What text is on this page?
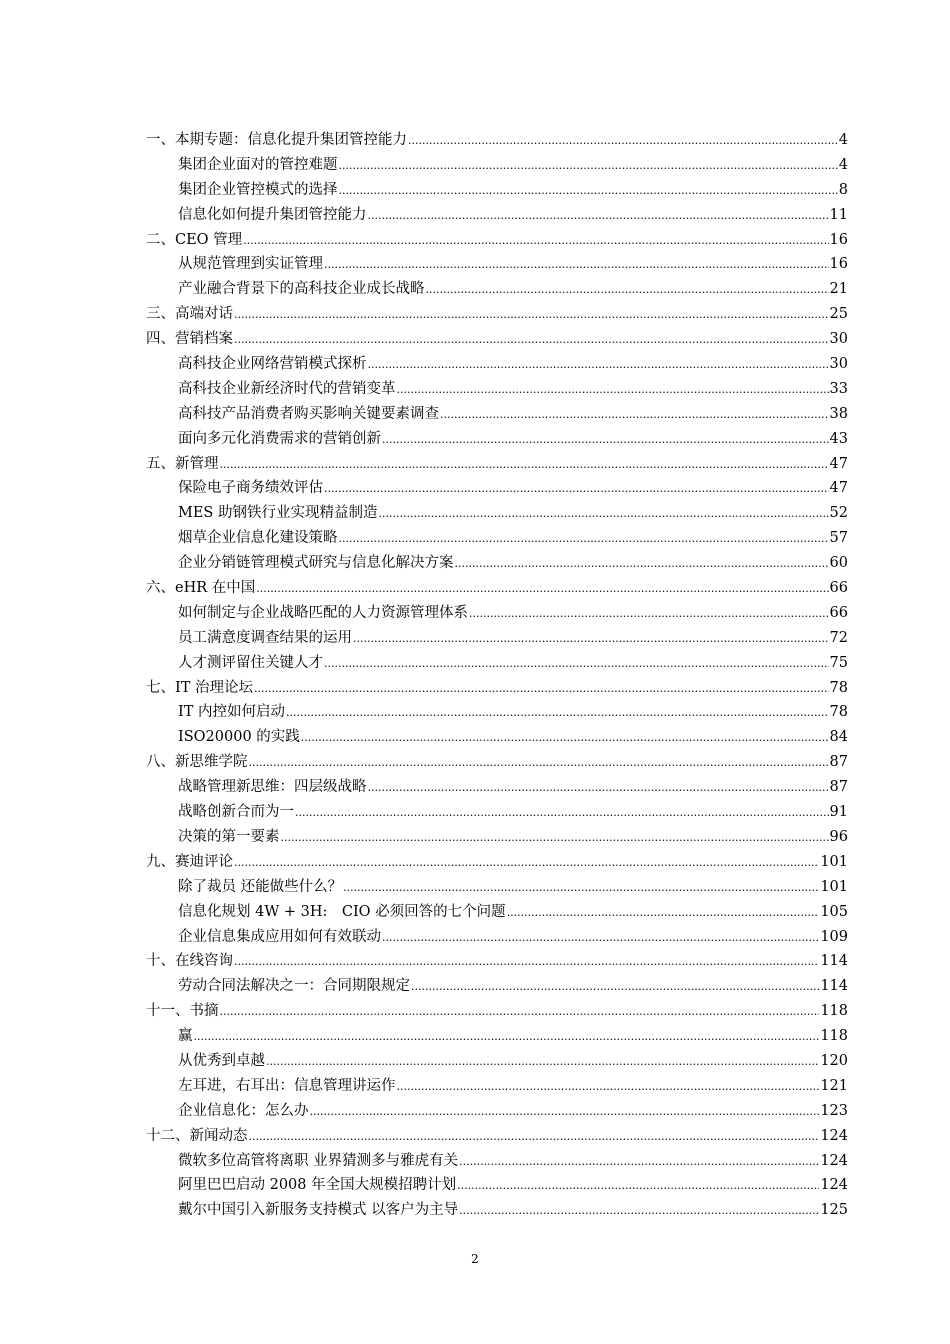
一、本期专题：信息化提升集团管控能力 .....	4
集团企业面对的管控难题 .....	4
集团企业管控模式的选择 .....	8
信息化如何提升集团管控能力 .....	11
二、CEO 管理 .....	16
从规范管理到实证管理 .....	16
产业融合背景下的高科技企业成长战略 .....	21
三、高端对话 .....	25
四、营销档案 .....	30
高科技企业网络营销模式探析 .....	30
高科技企业新经济时代的营销变革 .....	33
高科技产品消费者购买影响关键要素调查 .....	38
面向多元化消费需求的营销创新 .....	43
五、新管理 .....	47
保险电子商务绩效评估 .....	47
MES 助钢铁行业实现精益制造 .....	52
烟草企业信息化建设策略 .....	57
企业分销链管理模式研究与信息化解决方案 .....	60
六、eHR 在中国 .....	66
如何制定与企业战略匹配的人力资源管理体系 .....	66
员工满意度调查结果的运用 .....	72
人才测评留住关键人才 .....	75
七、IT 治理论坛 .....	78
IT 内控如何启动 .....	78
ISO20000 的实践 .....	84
八、新思维学院 .....	87
战略管理新思维：四层级战略 .....	87
战略创新合而为一 .....	91
决策的第一要素 .....	96
九、赛迪评论 .....	101
除了裁员 还能做些什么？ .....	101
信息化规划 4W + 3H:　CIO 必须回答的七个问题 .....	105
企业信息集成应用如何有效联动 .....	109
十、在线咨询 .....	114
劳动合同法解决之一：合同期限规定 .....	114
十一、书摘 .....	118
赢 .....	118
从优秀到卓越 .....	120
左耳进，右耳出：信息管理讲运作 .....	121
企业信息化：怎么办 .....	123
十二、新闻动态 .....	124
微软多位高管将离职 业界猜测多与雅虎有关 .....	124
阿里巴巴启动 2008 年全国大规模招聘计划 .....	124
戴尔中国引入新服务支持模式 以客户为主导 .....	125
2
